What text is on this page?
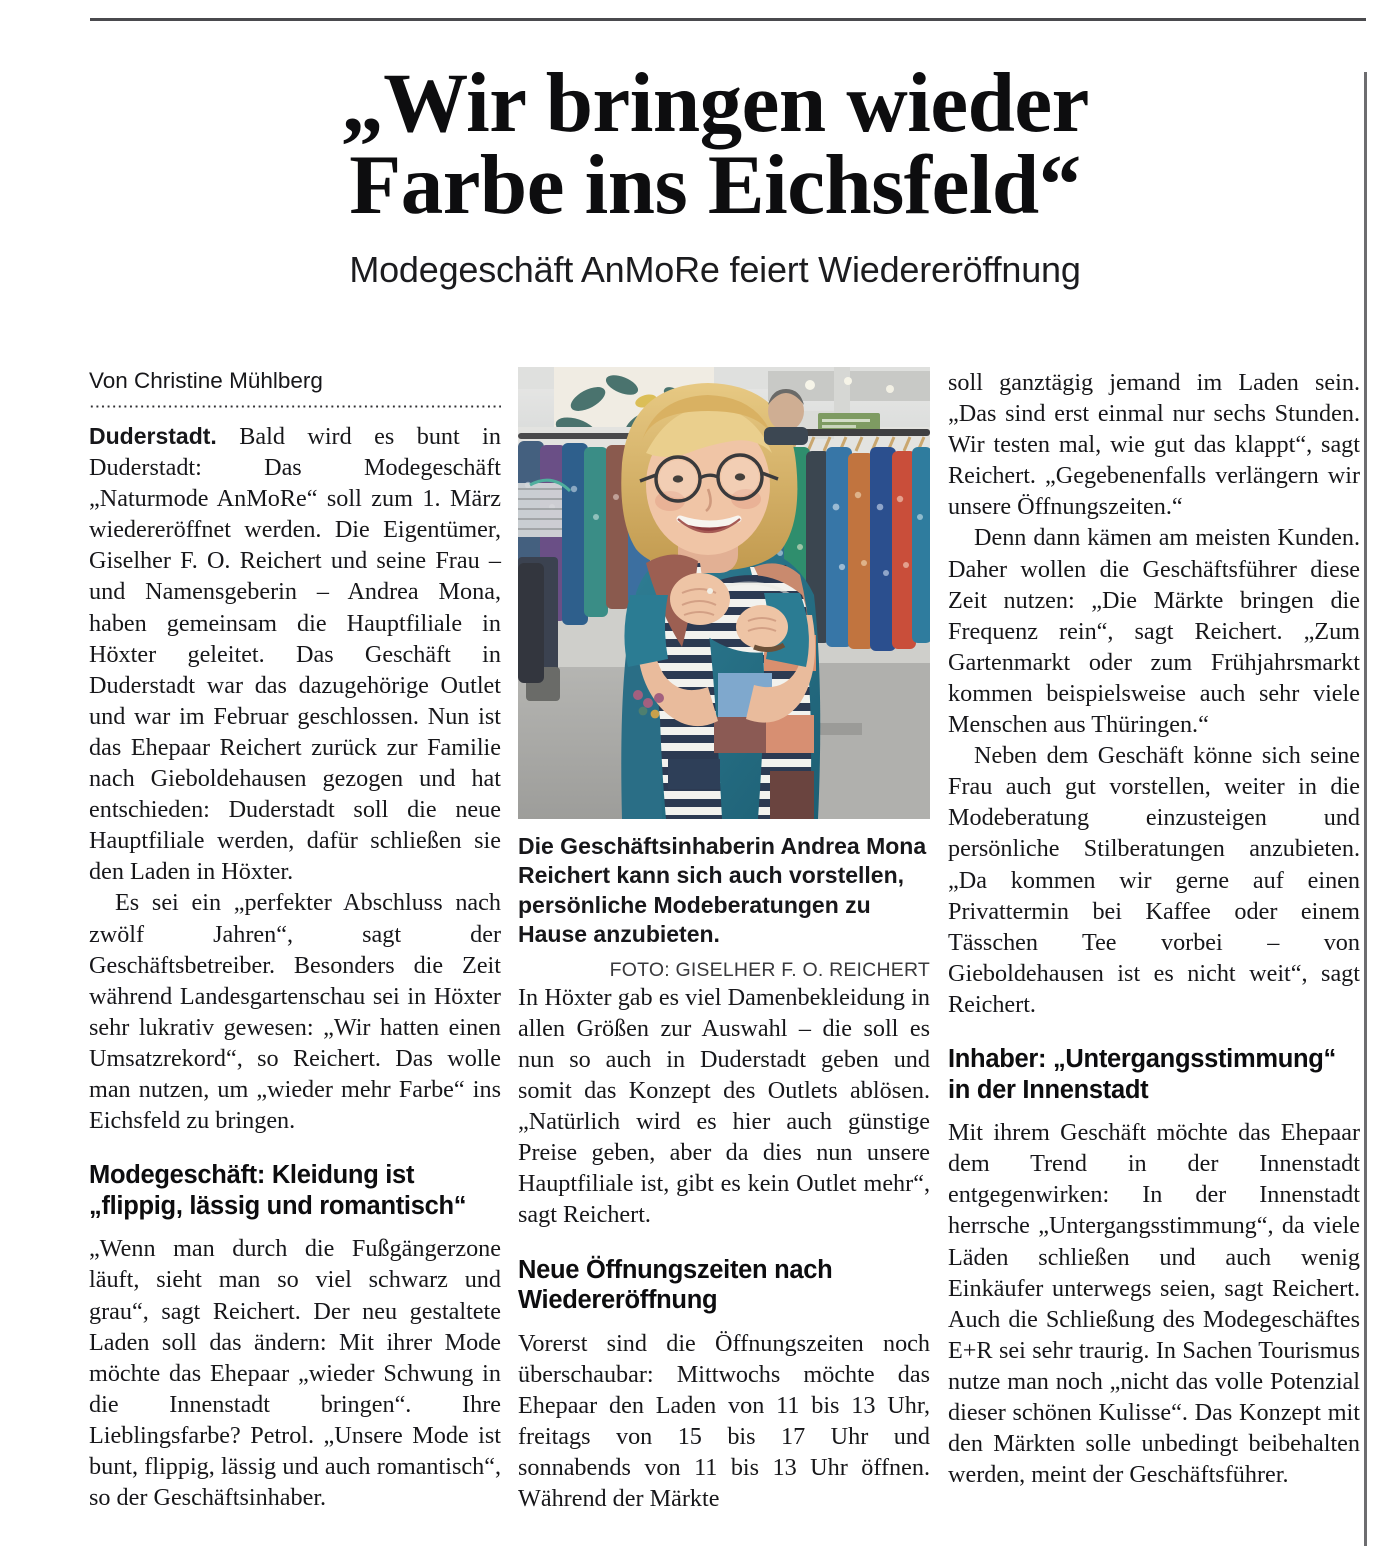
„Wir bringen wieder
Farbe ins Eichsfeld“
Modegeschäft AnMoRe feiert Wiedereröffnung
Von Christine Mühlberg

Duderstadt. Bald wird es bunt in Duderstadt: Das Modegeschäft „Naturmode AnMoRe“ soll zum 1. März wiedereröffnet werden. Die Eigentümer, Giselher F. O. Reichert und seine Frau – und Namensgeberin – Andrea Mona, haben gemeinsam die Hauptfiliale in Höxter geleitet. Das Geschäft in Duderstadt war das dazugehörige Outlet und war im Februar geschlossen. Nun ist das Ehepaar Reichert zurück zur Familie nach Gieboldehausen gezogen und hat entschieden: Duderstadt soll die neue Hauptfiliale werden, dafür schließen sie den Laden in Höxter.

Es sei ein „perfekter Abschluss nach zwölf Jahren“, sagt der Geschäftsbetreiber. Besonders die Zeit während Landesgartenschau sei in Höxter sehr lukrativ gewesen: „Wir hatten einen Umsatzrekord“, so Reichert. Das wolle man nutzen, um „wieder mehr Farbe“ ins Eichsfeld zu bringen.

Modegeschäft: Kleidung ist „flippig, lässig und romantisch“

„Wenn man durch die Fußgängerzone läuft, sieht man so viel schwarz und grau“, sagt Reichert. Der neu gestaltete Laden soll das ändern: Mit ihrer Mode möchte das Ehepaar „wieder Schwung in die Innenstadt bringen“. Ihre Lieblingsfarbe? Petrol. „Unsere Mode ist bunt, flippig, lässig und auch romantisch“, so der Geschäftsinhaber.

Die Geschäftsinhaberin Andrea Mona Reichert kann sich auch vorstellen, persönliche Modeberatungen zu Hause anzubieten.

FOTO: GISELHER F. O. REICHERT

In Höxter gab es viel Damenbekleidung in allen Größen zur Auswahl – die soll es nun so auch in Duderstadt geben und somit das Konzept des Outlets ablösen. „Natürlich wird es hier auch günstige Preise geben, aber da dies nun unsere Hauptfiliale ist, gibt es kein Outlet mehr“, sagt Reichert.

Neue Öffnungszeiten nach Wiedereröffnung

Vorerst sind die Öffnungszeiten noch überschaubar: Mittwochs möchte das Ehepaar den Laden von 11 bis 13 Uhr, freitags von 15 bis 17 Uhr und sonnabends von 11 bis 13 Uhr öffnen. Während der Märkte

soll ganztägig jemand im Laden sein. „Das sind erst einmal nur sechs Stunden. Wir testen mal, wie gut das klappt“, sagt Reichert. „Gegebenenfalls verlängern wir unsere Öffnungszeiten.“

Denn dann kämen am meisten Kunden. Daher wollen die Geschäftsführer diese Zeit nutzen: „Die Märkte bringen die Frequenz rein“, sagt Reichert. „Zum Gartenmarkt oder zum Frühjahrsmarkt kommen beispielsweise auch sehr viele Menschen aus Thüringen.“

Neben dem Geschäft könne sich seine Frau auch gut vorstellen, weiter in die Modeberatung einzusteigen und persönliche Stilberatungen anzubieten. „Da kommen wir gerne auf einen Privattermin bei Kaffee oder einem Tässchen Tee vorbei – von Gieboldehausen ist es nicht weit“, sagt Reichert.

Inhaber: „Untergangsstimmung“ in der Innenstadt

Mit ihrem Geschäft möchte das Ehepaar dem Trend in der Innenstadt entgegenwirken: In der Innenstadt herrsche „Untergangsstimmung“, da viele Läden schließen und auch wenig Einkäufer unterwegs seien, sagt Reichert. Auch die Schließung des Modegeschäftes E+R sei sehr traurig. In Sachen Tourismus nutze man noch „nicht das volle Potenzial dieser schönen Kulisse“. Das Konzept mit den Märkten solle unbedingt beibehalten werden, meint der Geschäftsführer.
